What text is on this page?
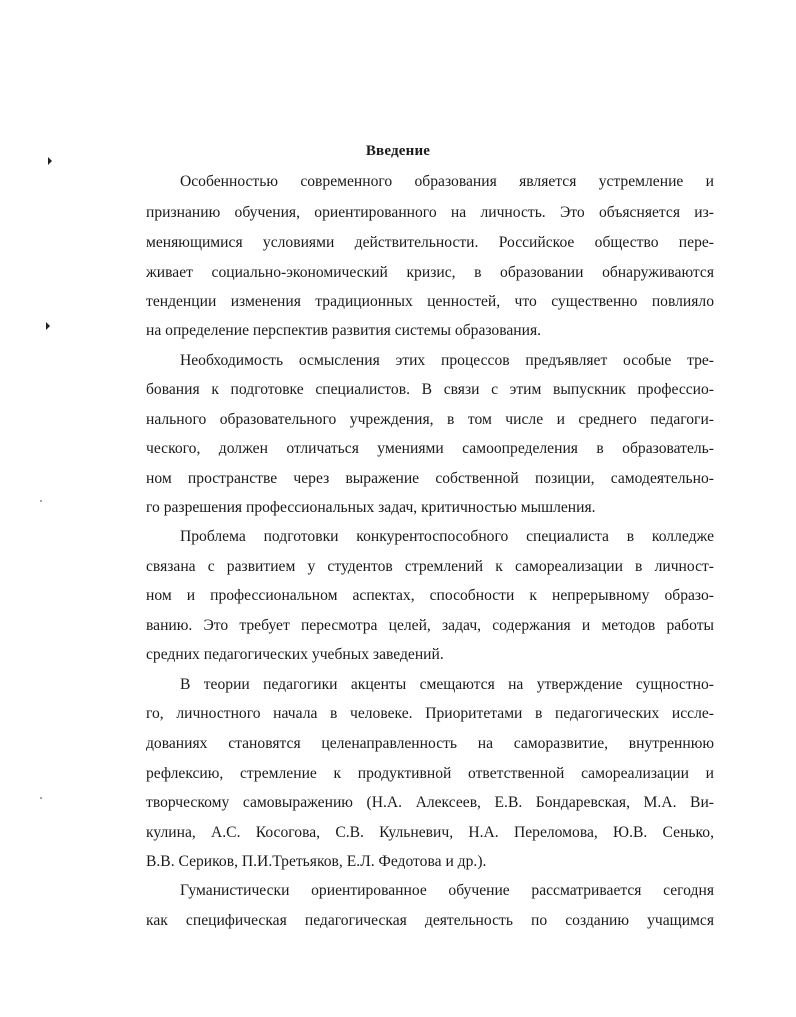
Введение
Особенностью современного образования является устремление и
признанию обучения, ориентированного на личность. Это объясняется из-
меняющимися условиями действительности. Российское общество пере-
живает социально-экономический кризис, в образовании обнаруживаются
тенденции изменения традиционных ценностей, что существенно повлияло
на определение перспектив развития системы образования.
Необходимость осмысления этих процессов предъявляет особые тре-
бования к подготовке специалистов. В связи с этим выпускник профессио-
нального образовательного учреждения, в том числе и среднего педагоги-
ческого, должен отличаться умениями самоопределения в образователь-
ном пространстве через выражение собственной позиции, самодеятельно-
го разрешения профессиональных задач, критичностью мышления.
Проблема подготовки конкурентоспособного специалиста в колледже
связана с развитием у студентов стремлений к самореализации в личност-
ном и профессиональном аспектах, способности к непрерывному образо-
ванию. Это требует пересмотра целей, задач, содержания и методов работы
средних педагогических учебных заведений.
В теории педагогики акценты смещаются на утверждение сущностно-
го, личностного начала в человеке. Приоритетами в педагогических иссле-
дованиях становятся целенаправленность на саморазвитие, внутреннюю
рефлексию, стремление к продуктивной ответственной самореализации и
творческому самовыражению (Н.А. Алексеев, Е.В. Бондаревская, М.А. Ви-
кулина, А.С. Косогова, С.В. Кульневич, Н.А. Переломова, Ю.В. Сенько,
В.В. Сериков, П.И.Третьяков, Е.Л. Федотова и др.).
Гуманистически ориентированное обучение рассматривается сегодня
как специфическая педагогическая деятельность по созданию учащимся
